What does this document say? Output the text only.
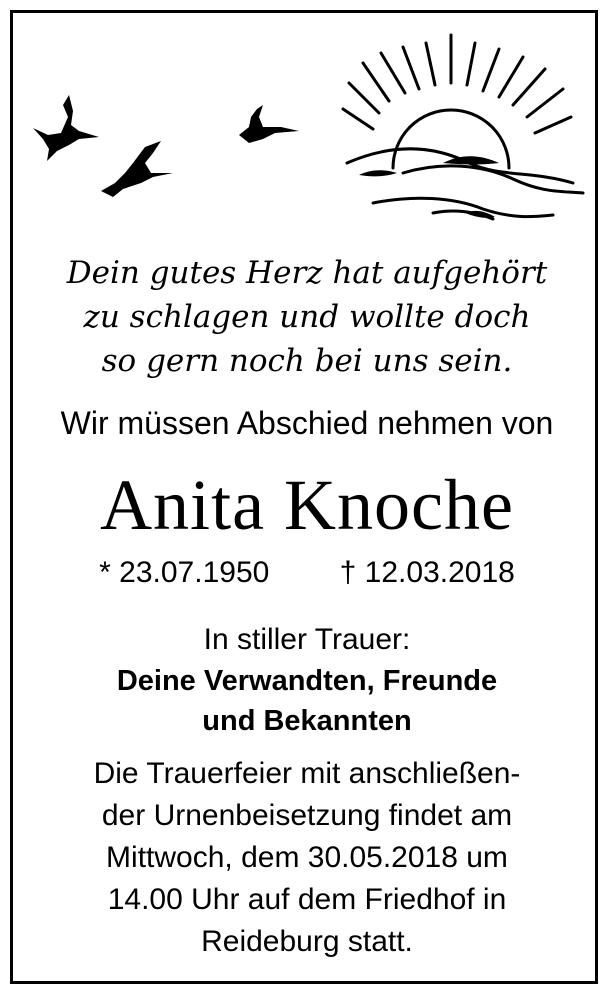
Dein gutes Herz hat aufgehört
zu schlagen und wollte doch
so gern noch bei uns sein.
Wir müssen Abschied nehmen von
Anita Knoche
* 23.07.1950 † 12.03.2018
In stiller Trauer:
Deine Verwandten, Freunde
und Bekannten
Die Trauerfeier mit anschließen-
der Urnenbeisetzung findet am
Mittwoch, dem 30.05.2018 um
14.00 Uhr auf dem Friedhof in
Reideburg statt.
